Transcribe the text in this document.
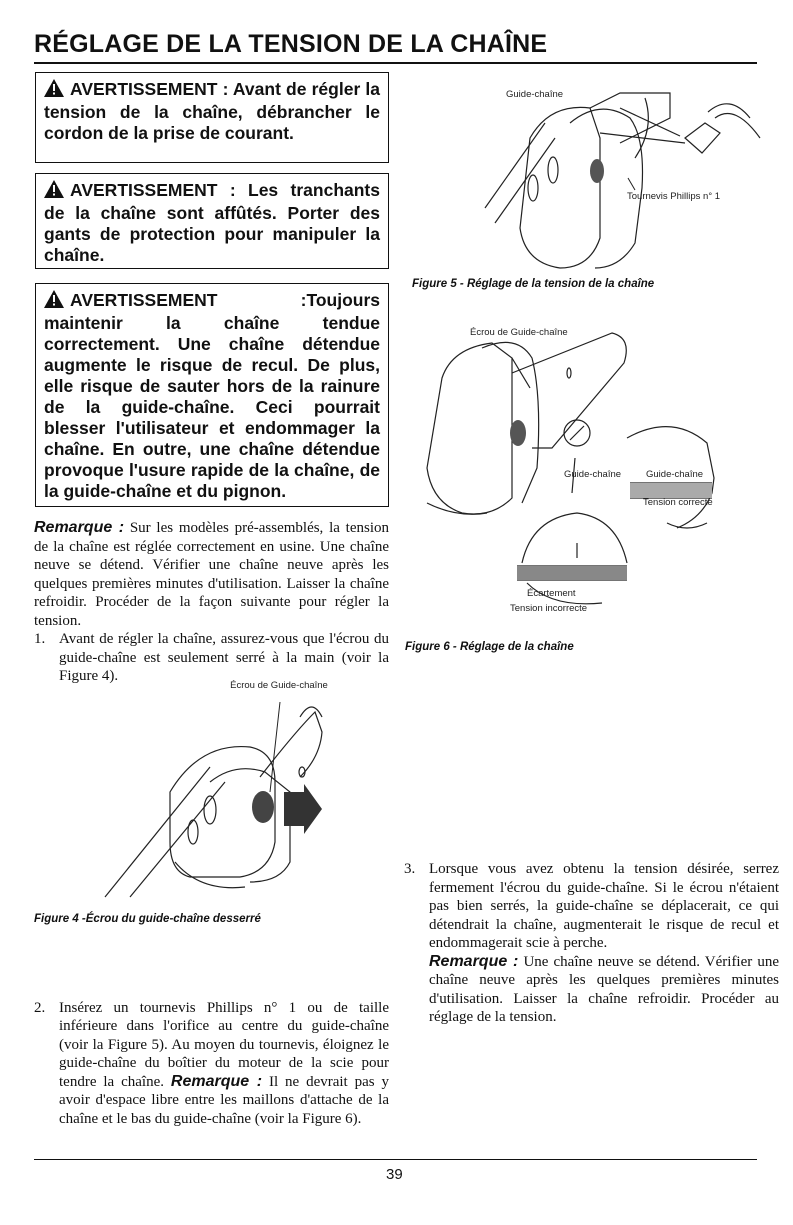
RÉGLAGE DE LA TENSION DE LA CHAÎNE
AVERTISSEMENT : Avant de régler la tension de la chaîne, débrancher le cordon de la prise de courant.
AVERTISSEMENT : Les tranchants de la chaîne sont affûtés. Porter des gants de protection pour manipuler la chaîne.
AVERTISSEMENT :Toujours maintenir la chaîne tendue correctement. Une chaîne détendue augmente le risque de recul. De plus, elle risque de sauter hors de la rainure de la guide-chaîne. Ceci pourrait blesser l'utilisateur et endommager la chaîne. En outre, une chaîne détendue provoque l'usure rapide de la chaîne, de la guide-chaîne et du pignon.
Remarque : Sur les modèles pré-assemblés, la tension de la chaîne est réglée correctement en usine. Une chaîne neuve se détend. Vérifier une chaîne neuve après les quelques premières minutes d'utilisation. Laisser la chaîne refroidir. Procéder de la façon suivante pour régler la tension.
1. Avant de régler la chaîne, assurez-vous que l'écrou du guide-chaîne est seulement serré à la main (voir la Figure 4).
Écrou de Guide-chaîne
Figure 4 -Écrou du guide-chaîne desserré
2. Insérez un tournevis Phillips n° 1 ou de taille inférieure dans l'orifice au centre du guide-chaîne (voir la Figure 5). Au moyen du tournevis, éloignez le guide-chaîne du boîtier du moteur de la scie pour tendre la chaîne. Remarque : Il ne devrait pas y avoir d'espace libre entre les maillons d'attache de la chaîne et le bas du guide-chaîne (voir la Figure 6).
Guide-chaîne
Tournevis Phillips n° 1
Figure 5 - Réglage de la tension de la chaîne
Écrou de Guide-chaîne
Guide-chaîne	Guide-chaîne
Tension correcte
Écartement
Tension incorrecte
Figure 6 - Réglage de la chaîne
3. Lorsque vous avez obtenu la tension désirée, serrez fermement l'écrou du guide-chaîne. Si le écrou n'étaient pas bien serrés, la guide-chaîne se déplacerait, ce qui détendrait la chaîne, augmenterait le risque de recul et endommagerait scie à perche.
Remarque : Une chaîne neuve se détend. Vérifier une chaîne neuve après les quelques premières minutes d'utilisation. Laisser la chaîne refroidir. Procéder au réglage de la tension.
39
